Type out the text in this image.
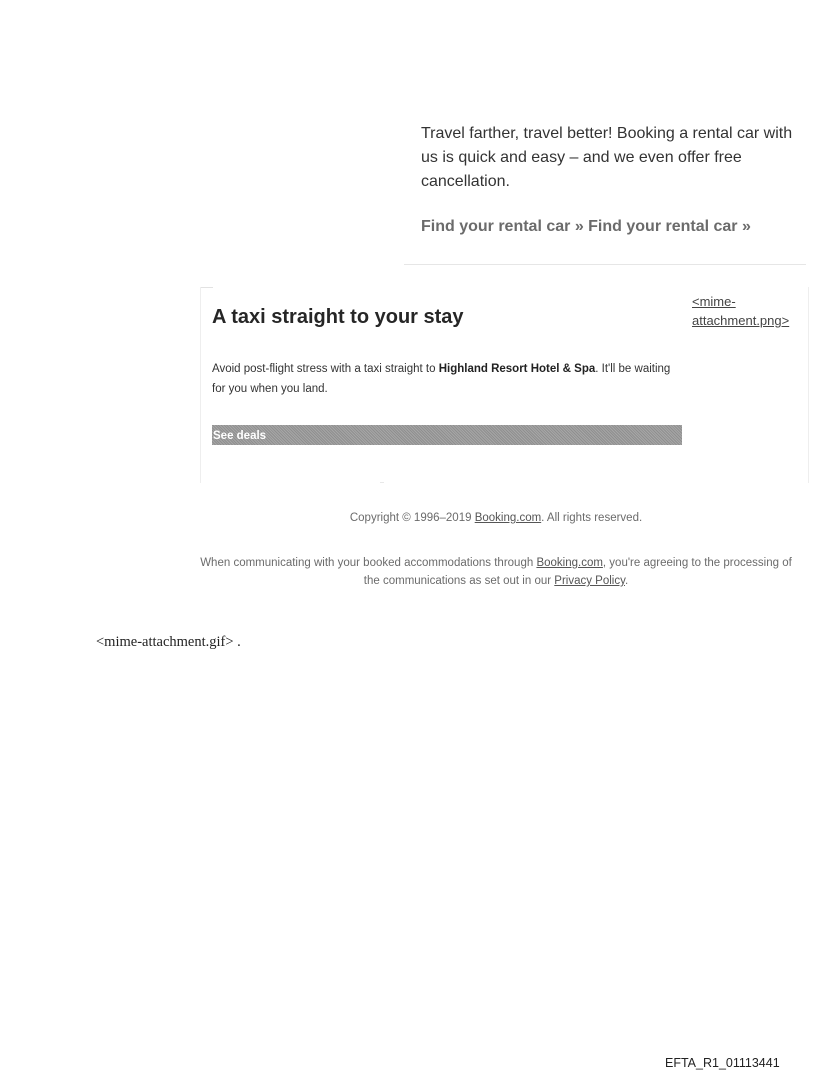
Travel farther, travel better! Booking a rental car with us is quick and easy – and we even offer free cancellation.

Find your rental car » Find your rental car »
A taxi straight to your stay

Avoid post-flight stress with a taxi straight to Highland Resort Hotel & Spa. It'll be waiting for you when you land.

See deals
<mime-attachment.png>

Copyright © 1996–2019 Booking.com. All rights reserved.

When communicating with your booked accommodations through Booking.com, you're agreeing to the processing of the communications as set out in our Privacy Policy.

<mime-attachment.gif> .
EFTA_R1_01113441
